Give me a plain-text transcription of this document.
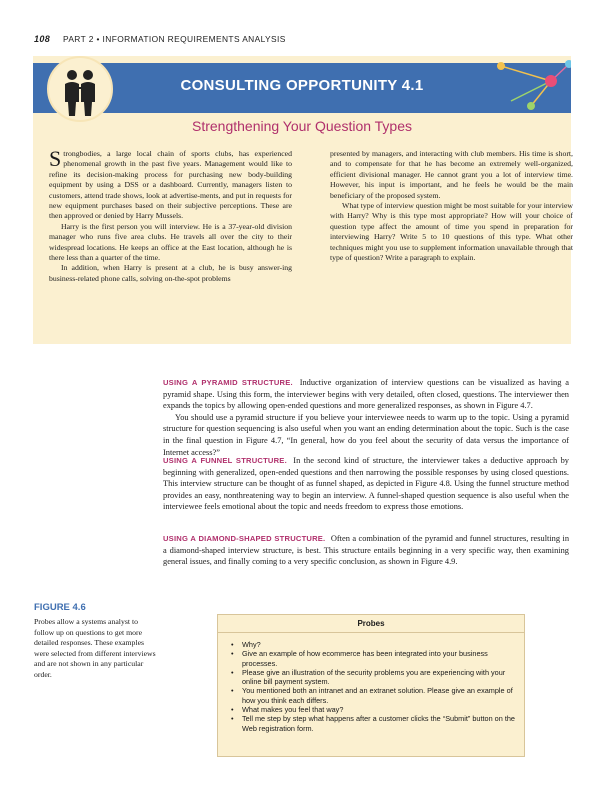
108 PART 2 • INFORMATION REQUIREMENTS ANALYSIS
CONSULTING OPPORTUNITY 4.1
Strengthening Your Question Types

Strongbodies, a large local chain of sports clubs, has experienced phenomenal growth in the past five years. Management would like to refine its decision-making process for purchasing new body-building equipment by using a DSS or a dashboard. Currently, managers listen to customers, attend trade shows, look at advertise-ments, and put in requests for new equipment purchases based on their subjective perceptions. These are then approved or denied by Harry Mussels.

Harry is the first person you will interview. He is a 37-year-old division manager who runs five area clubs. He travels all over the city to their widespread locations. He keeps an office at the East location, although he is there less than a quarter of the time.

In addition, when Harry is present at a club, he is busy answer-ing business-related phone calls, solving on-the-spot problems

presented by managers, and interacting with club members. His time is short, and to compensate for that he has become an extremely well-organized, efficient divisional manager. He cannot grant you a lot of interview time. However, his input is important, and he feels he would be the main beneficiary of the proposed system.

What type of interview question might be most suitable for your interview with Harry? Why is this type most appropriate? How will your choice of question type affect the amount of time you spend in preparation for interviewing Harry? Write 5 to 10 questions of this type. What other techniques might you use to supplement information unavailable through that type of question? Write a paragraph to explain.

USING A PYRAMID STRUCTURE. Inductive organization of interview questions can be visualized as having a pyramid shape. Using this form, the interviewer begins with very detailed, often closed, questions. The interviewer then expands the topics by allowing open-ended questions and more generalized responses, as shown in Figure 4.7.

You should use a pyramid structure if you believe your interviewee needs to warm up to the topic. Using a pyramid structure for question sequencing is also useful when you want an ending determination about the topic. Such is the case in the final question in Figure 4.7, “In general, how do you feel about the security of data versus the importance of Internet access?”

USING A FUNNEL STRUCTURE. In the second kind of structure, the interviewer takes a deductive approach by beginning with generalized, open-ended questions and then narrowing the possible responses by using closed questions. This interview structure can be thought of as funnel shaped, as depicted in Figure 4.8. Using the funnel structure method provides an easy, nonthreatening way to begin an interview. A funnel-shaped question sequence is also useful when the interviewee feels emotional about the topic and needs freedom to express those emotions.

USING A DIAMOND-SHAPED STRUCTURE. Often a combination of the pyramid and funnel structures, resulting in a diamond-shaped interview structure, is best. This structure entails beginning in a very specific way, then examining general issues, and finally coming to a very specific conclusion, as shown in Figure 4.9.

FIGURE 4.6
Probes allow a systems analyst to follow up on questions to get more detailed responses. These examples were selected from different interviews and are not shown in any particular order.
Probes
• Why?
• Give an example of how ecommerce has been integrated into your business processes.
• Please give an illustration of the security problems you are experiencing with your online bill payment system.
• You mentioned both an intranet and an extranet solution. Please give an example of how you think each differs.
• What makes you feel that way?
• Tell me step by step what happens after a customer clicks the “Submit” button on the Web registration form.
